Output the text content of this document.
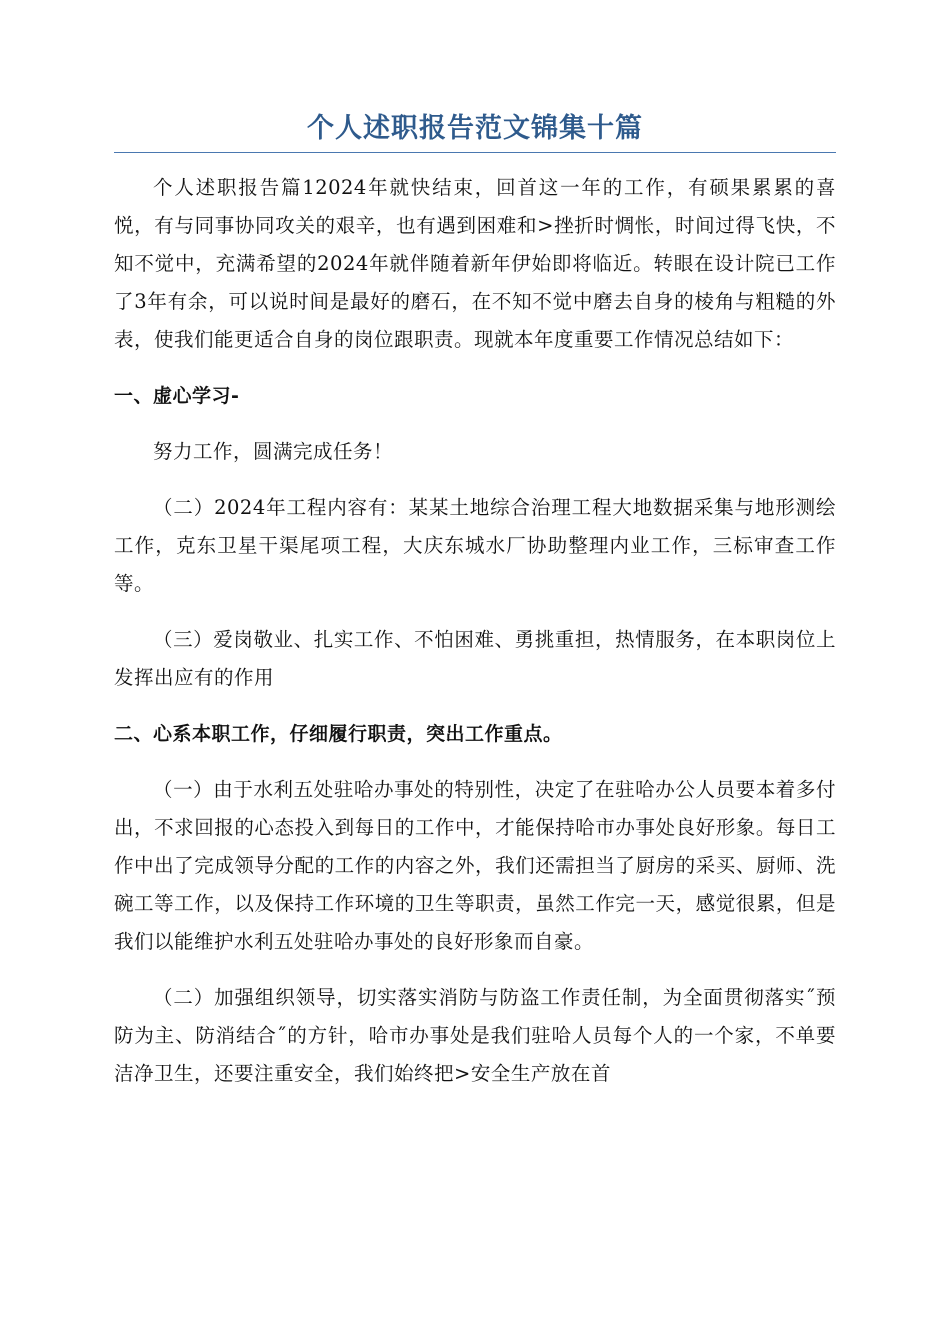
个人述职报告范文锦集十篇

个人述职报告篇12024年就快结束，回首这一年的工作，有硕果累累的喜悦，有与同事协同攻关的艰辛，也有遇到困难和>挫折时惆怅，时间过得飞快，不知不觉中，充满希望的2024年就伴随着新年伊始即将临近。转眼在设计院已工作了3年有余，可以说时间是最好的磨石，在不知不觉中磨去自身的棱角与粗糙的外表，使我们能更适合自身的岗位跟职责。现就本年度重要工作情况总结如下：

一、虚心学习-

努力工作，圆满完成任务！

（二）2024年工程内容有：某某土地综合治理工程大地数据采集与地形测绘工作，克东卫星干渠尾项工程，大庆东城水厂协助整理内业工作，三标审查工作等。

（三）爱岗敬业、扎实工作、不怕困难、勇挑重担，热情服务，在本职岗位上发挥出应有的作用

二、心系本职工作，仔细履行职责，突出工作重点。

（一）由于水利五处驻哈办事处的特别性，决定了在驻哈办公人员要本着多付出，不求回报的心态投入到每日的工作中，才能保持哈市办事处良好形象。每日工作中出了完成领导分配的工作的内容之外，我们还需担当了厨房的采买、厨师、洗碗工等工作，以及保持工作环境的卫生等职责，虽然工作完一天，感觉很累，但是我们以能维护水利五处驻哈办事处的良好形象而自豪。

（二）加强组织领导，切实落实消防与防盗工作责任制，为全面贯彻落实˝预防为主、防消结合˝的方针，哈市办事处是我们驻哈人员每个人的一个家，不单要洁净卫生，还要注重安全，我们始终把>安全生产放在首
